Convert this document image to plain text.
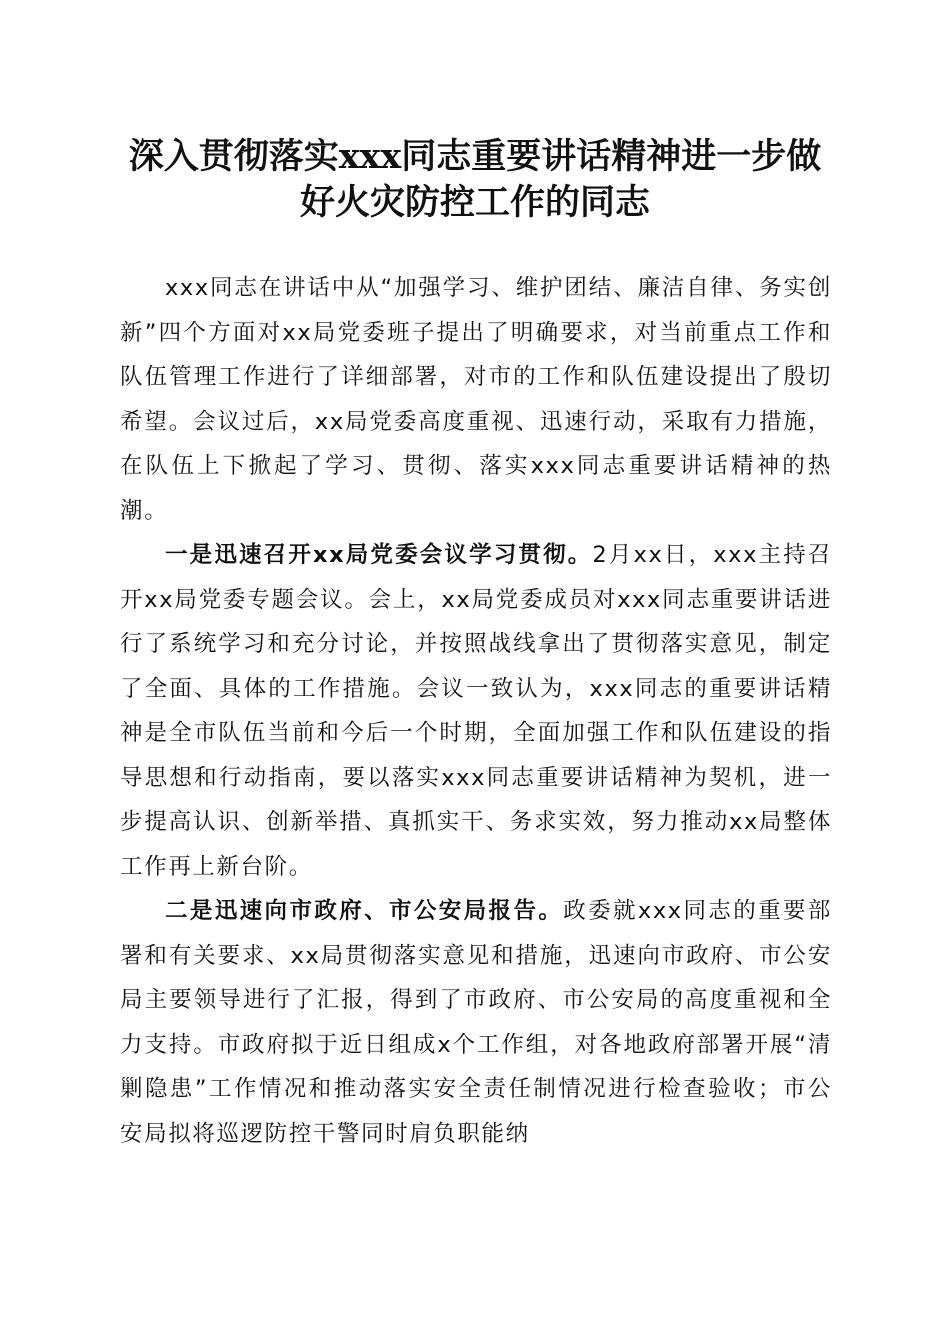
深入贯彻落实xxx同志重要讲话精神进一步做
好火灾防控工作的同志

xxx同志在讲话中从“加强学习、维护团结、廉洁自律、务实创新”四个方面对xx局党委班子提出了明确要求，对当前重点工作和队伍管理工作进行了详细部署，对市的工作和队伍建设提出了殷切希望。会议过后，xx局党委高度重视、迅速行动，采取有力措施，在队伍上下掀起了学习、贯彻、落实xxx同志重要讲话精神的热潮。

一是迅速召开xx局党委会议学习贯彻。2月xx日，xxx主持召开xx局党委专题会议。会上，xx局党委成员对xxx同志重要讲话进行了系统学习和充分讨论，并按照战线拿出了贯彻落实意见，制定了全面、具体的工作措施。会议一致认为，xxx同志的重要讲话精神是全市队伍当前和今后一个时期，全面加强工作和队伍建设的指导思想和行动指南，要以落实xxx同志重要讲话精神为契机，进一步提高认识、创新举措、真抓实干、务求实效，努力推动xx局整体工作再上新台阶。

二是迅速向市政府、市公安局报告。政委就xxx同志的重要部署和有关要求、xx局贯彻落实意见和措施，迅速向市政府、市公安局主要领导进行了汇报，得到了市政府、市公安局的高度重视和全力支持。市政府拟于近日组成x个工作组，对各地政府部署开展“清剿隐患”工作情况和推动落实安全责任制情况进行检查验收；市公安局拟将巡逻防控干警同时肩负职能纳
